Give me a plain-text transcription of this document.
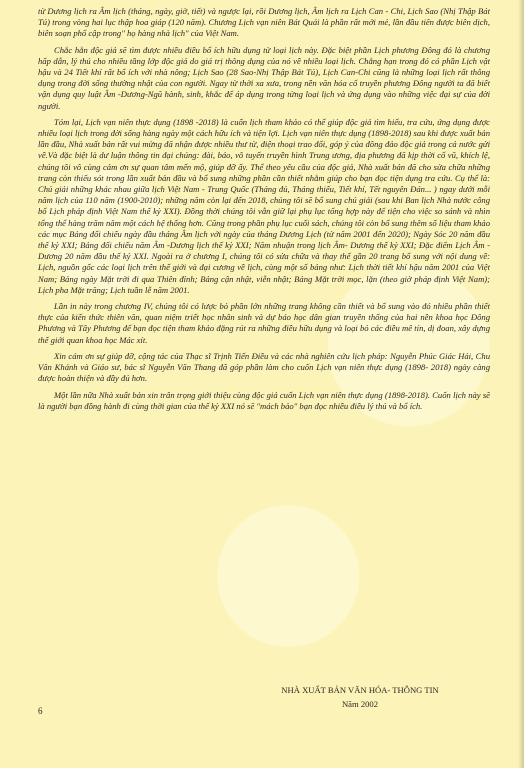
từ Dương lịch ra Âm lịch (tháng, ngày, giờ, tiết) và ngược lại, rồi Dương lịch, Âm lịch ra Lịch Can - Chi, Lịch Sao (Nhị Thập Bát Tú) trong vòng hai lục thập hoa giáp (120 năm). Chương Lịch vạn niên Bát Quái là phần rất mới mẻ, lần đầu tiên được biên dịch, biên soạn phổ cập trong" họ hàng nhà lịch" của Việt Nam.

Chắc hẳn độc giả sẽ tìm được nhiều điều bổ ích hữu dụng từ loại lịch này. Đặc biệt phần Lịch phương Đông đó là chương hấp dẫn, lý thú cho nhiều tầng lớp độc giả do giá trị thông dụng của nó về nhiều loại lịch. Chẳng hạn trong đó có phần Lịch vật hậu và 24 Tiết khí rất bổ ích với nhà nông; Lịch Sao (28 Sao-Nhị Thập Bát Tú), Lịch Can-Chi cũng là những loại lịch rất thông dụng trong đời sống thường nhật của con người. Ngay từ thời xa xưa, trong nền văn hóa cổ truyền phương Đông người ta đã biết vận dụng quy luật Âm -Dương-Ngũ hành, sinh, khắc để áp dụng trong từng loại lịch và ứng dụng vào những việc đại sự của đời người.

Tóm lại, Lịch vạn niên thực dụng (1898 -2018) là cuốn lịch tham khảo có thể giúp độc giả tìm hiểu, tra cứu, ứng dụng được nhiều loại lịch trong đời sống hàng ngày một cách hữu ích và tiện lợi. Lịch vạn niên thực dụng (1898-2018) sau khi được xuất bản lần đầu, Nhà xuất bản rất vui mừng đã nhận được nhiều thư từ, điện thoại trao đổi, góp ý của đông đảo độc giả trong cả nước gửi về.Và đặc biệt là dư luận thông tin đại chúng: đài, báo, vô tuyến truyền hình Trung ương, địa phương đã kịp thời cổ vũ, khích lệ, chúng tôi vô cùng cảm ơn sự quan tâm mến mộ, giúp đỡ ấy. Thể theo yêu cầu của độc giả, Nhà xuất bản đã cho sửa chữa những trang còn thiếu sót trong lần xuất bản đầu và bổ sung những phần cần thiết nhằm giúp cho bạn đọc tiện dụng tra cứu. Cụ thể là: Chú giải những khác nhau giữa lịch Việt Nam - Trung Quốc (Tháng đủ, Tháng thiếu, Tiết khí, Tết nguyên Đán... ) ngay dưới mỗi năm lịch của 110 năm (1900-2010); những năm còn lại đến 2018, chúng tôi sẽ bổ sung chú giải (sau khi Ban lịch Nhà nước công bố Lịch pháp định Việt Nam thế kỷ XXI). Đồng thời chúng tôi vẫn giữ lại phụ lục tổng hợp này để tiện cho việc so sánh và nhìn tổng thể hàng trăm năm một cách hệ thống hơn. Cũng trong phần phụ lục cuối sách, chúng tôi còn bổ sung thêm số liệu tham khảo các mục Bảng đối chiếu ngày đầu tháng Âm lịch với ngày của tháng Dương Lịch (từ năm 2001 đến 2020); Ngày Sóc 20 năm đầu thế kỷ XXI; Bảng đối chiếu năm Âm -Dương lịch thế kỷ XXI; Năm nhuận trong lịch Âm- Dương thế kỷ XXI; Đặc điểm Lịch Âm - Dương 20 năm đầu thế kỷ XXI. Ngoài ra ở chương I, chúng tôi có sửa chữa và thay thế gần 20 trang bổ sung với nội dung về: Lịch, nguồn gốc các loại lịch trên thế giới và đại cương về lịch, cùng một số bảng như: Lịch thời tiết khí hậu năm 2001 của Việt Nam; Bảng ngày Mặt trời đi qua Thiên đỉnh; Bảng cận nhật, viễn nhật; Bảng Mặt trời mọc, lặn (theo giờ pháp định Việt Nam); Lịch pha Mặt trăng; Lịch tuần lễ năm 2001.

Lần in này trong chương IV, chúng tôi có lược bỏ phần lớn những trang không cần thiết và bổ sung vào đó nhiều phần thiết thực của kiến thức thiên văn, quan niệm triết học nhân sinh và dự báo học dân gian truyền thống của hai nền khoa học Đông Phương và Tây Phương để bạn đọc tiện tham khảo đặng rút ra những điều hữu dụng và loại bỏ các điều mê tín, dị đoan, xây dựng thế giới quan khoa học Mác xít.

Xin cám ơn sự giúp đỡ, cộng tác của Thạc sĩ Trịnh Tiến Điều và các nhà nghiên cứu lịch pháp: Nguyễn Phúc Giác Hải, Chu Văn Khánh và Giáo sư, bác sĩ Nguyễn Văn Thang đã góp phần làm cho cuốn Lịch vạn niên thực dụng (1898- 2018) ngày càng được hoàn thiện và đầy đủ hơn.

Một lần nữa Nhà xuất bản xin trân trọng giới thiệu cùng độc giả cuốn Lịch vạn niên thực dụng (1898-2018). Cuốn lịch này sẽ là người bạn đồng hành đi cùng thời gian của thế kỷ XXI nó sẽ "mách bảo" bạn đọc nhiều điều lý thú và bổ ích.

NHÀ XUẤT BẢN VĂN HÓA- THÔNG TIN
Năm 2002
6
